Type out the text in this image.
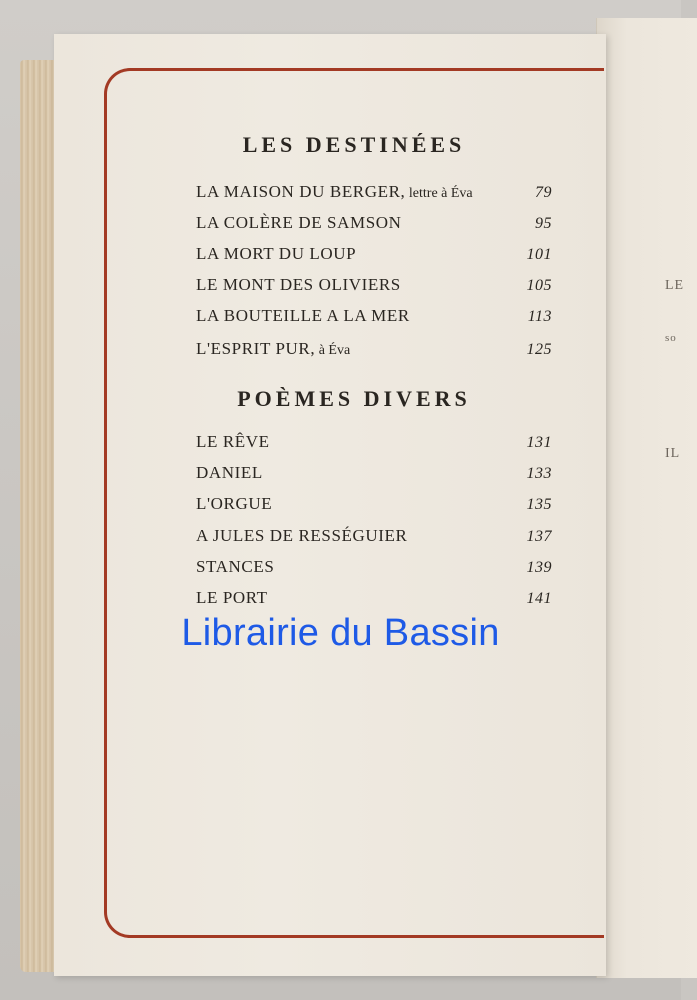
LE
so
IL
LES DESTINÉES
LA MAISON DU BERGER, lettre à Éva	79
LA COLÈRE DE SAMSON	95
LA MORT DU LOUP	101
LE MONT DES OLIVIERS	105
LA BOUTEILLE A LA MER	113
L'ESPRIT PUR, à Éva	125
POÈMES DIVERS
LE RÊVE	131
DANIEL	133
L'ORGUE	135
A JULES DE RESSÉGUIER	137
STANCES	139
LE PORT	141
Librairie du Bassin
